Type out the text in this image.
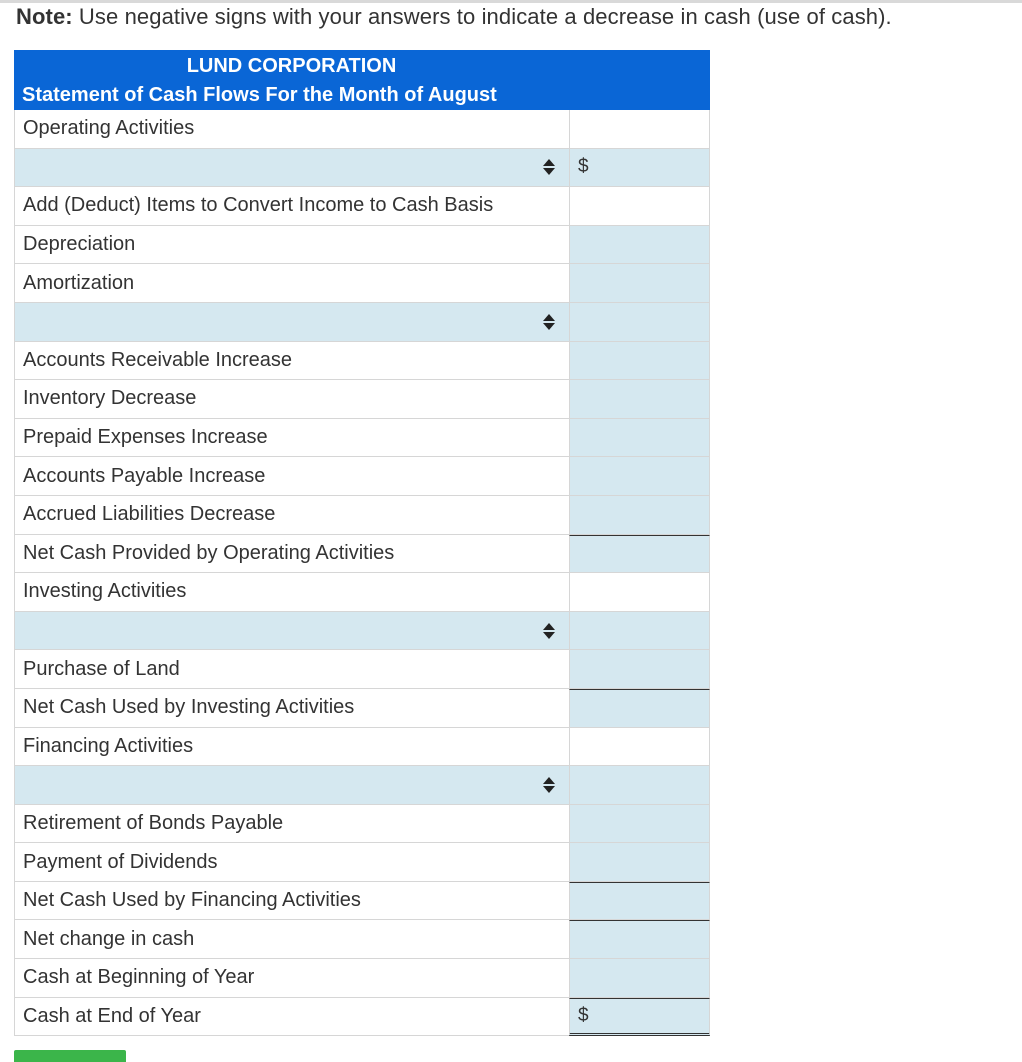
Note: Use negative signs with your answers to indicate a decrease in cash (use of cash).
LUND CORPORATION
Statement of Cash Flows For the Month of August
Operating Activities
$
Add (Deduct) Items to Convert Income to Cash Basis
Depreciation
Amortization
Accounts Receivable Increase
Inventory Decrease
Prepaid Expenses Increase
Accounts Payable Increase
Accrued Liabilities Decrease
Net Cash Provided by Operating Activities
Investing Activities
Purchase of Land
Net Cash Used by Investing Activities
Financing Activities
Retirement of Bonds Payable
Payment of Dividends
Net Cash Used by Financing Activities
Net change in cash
Cash at Beginning of Year
Cash at End of Year	$
